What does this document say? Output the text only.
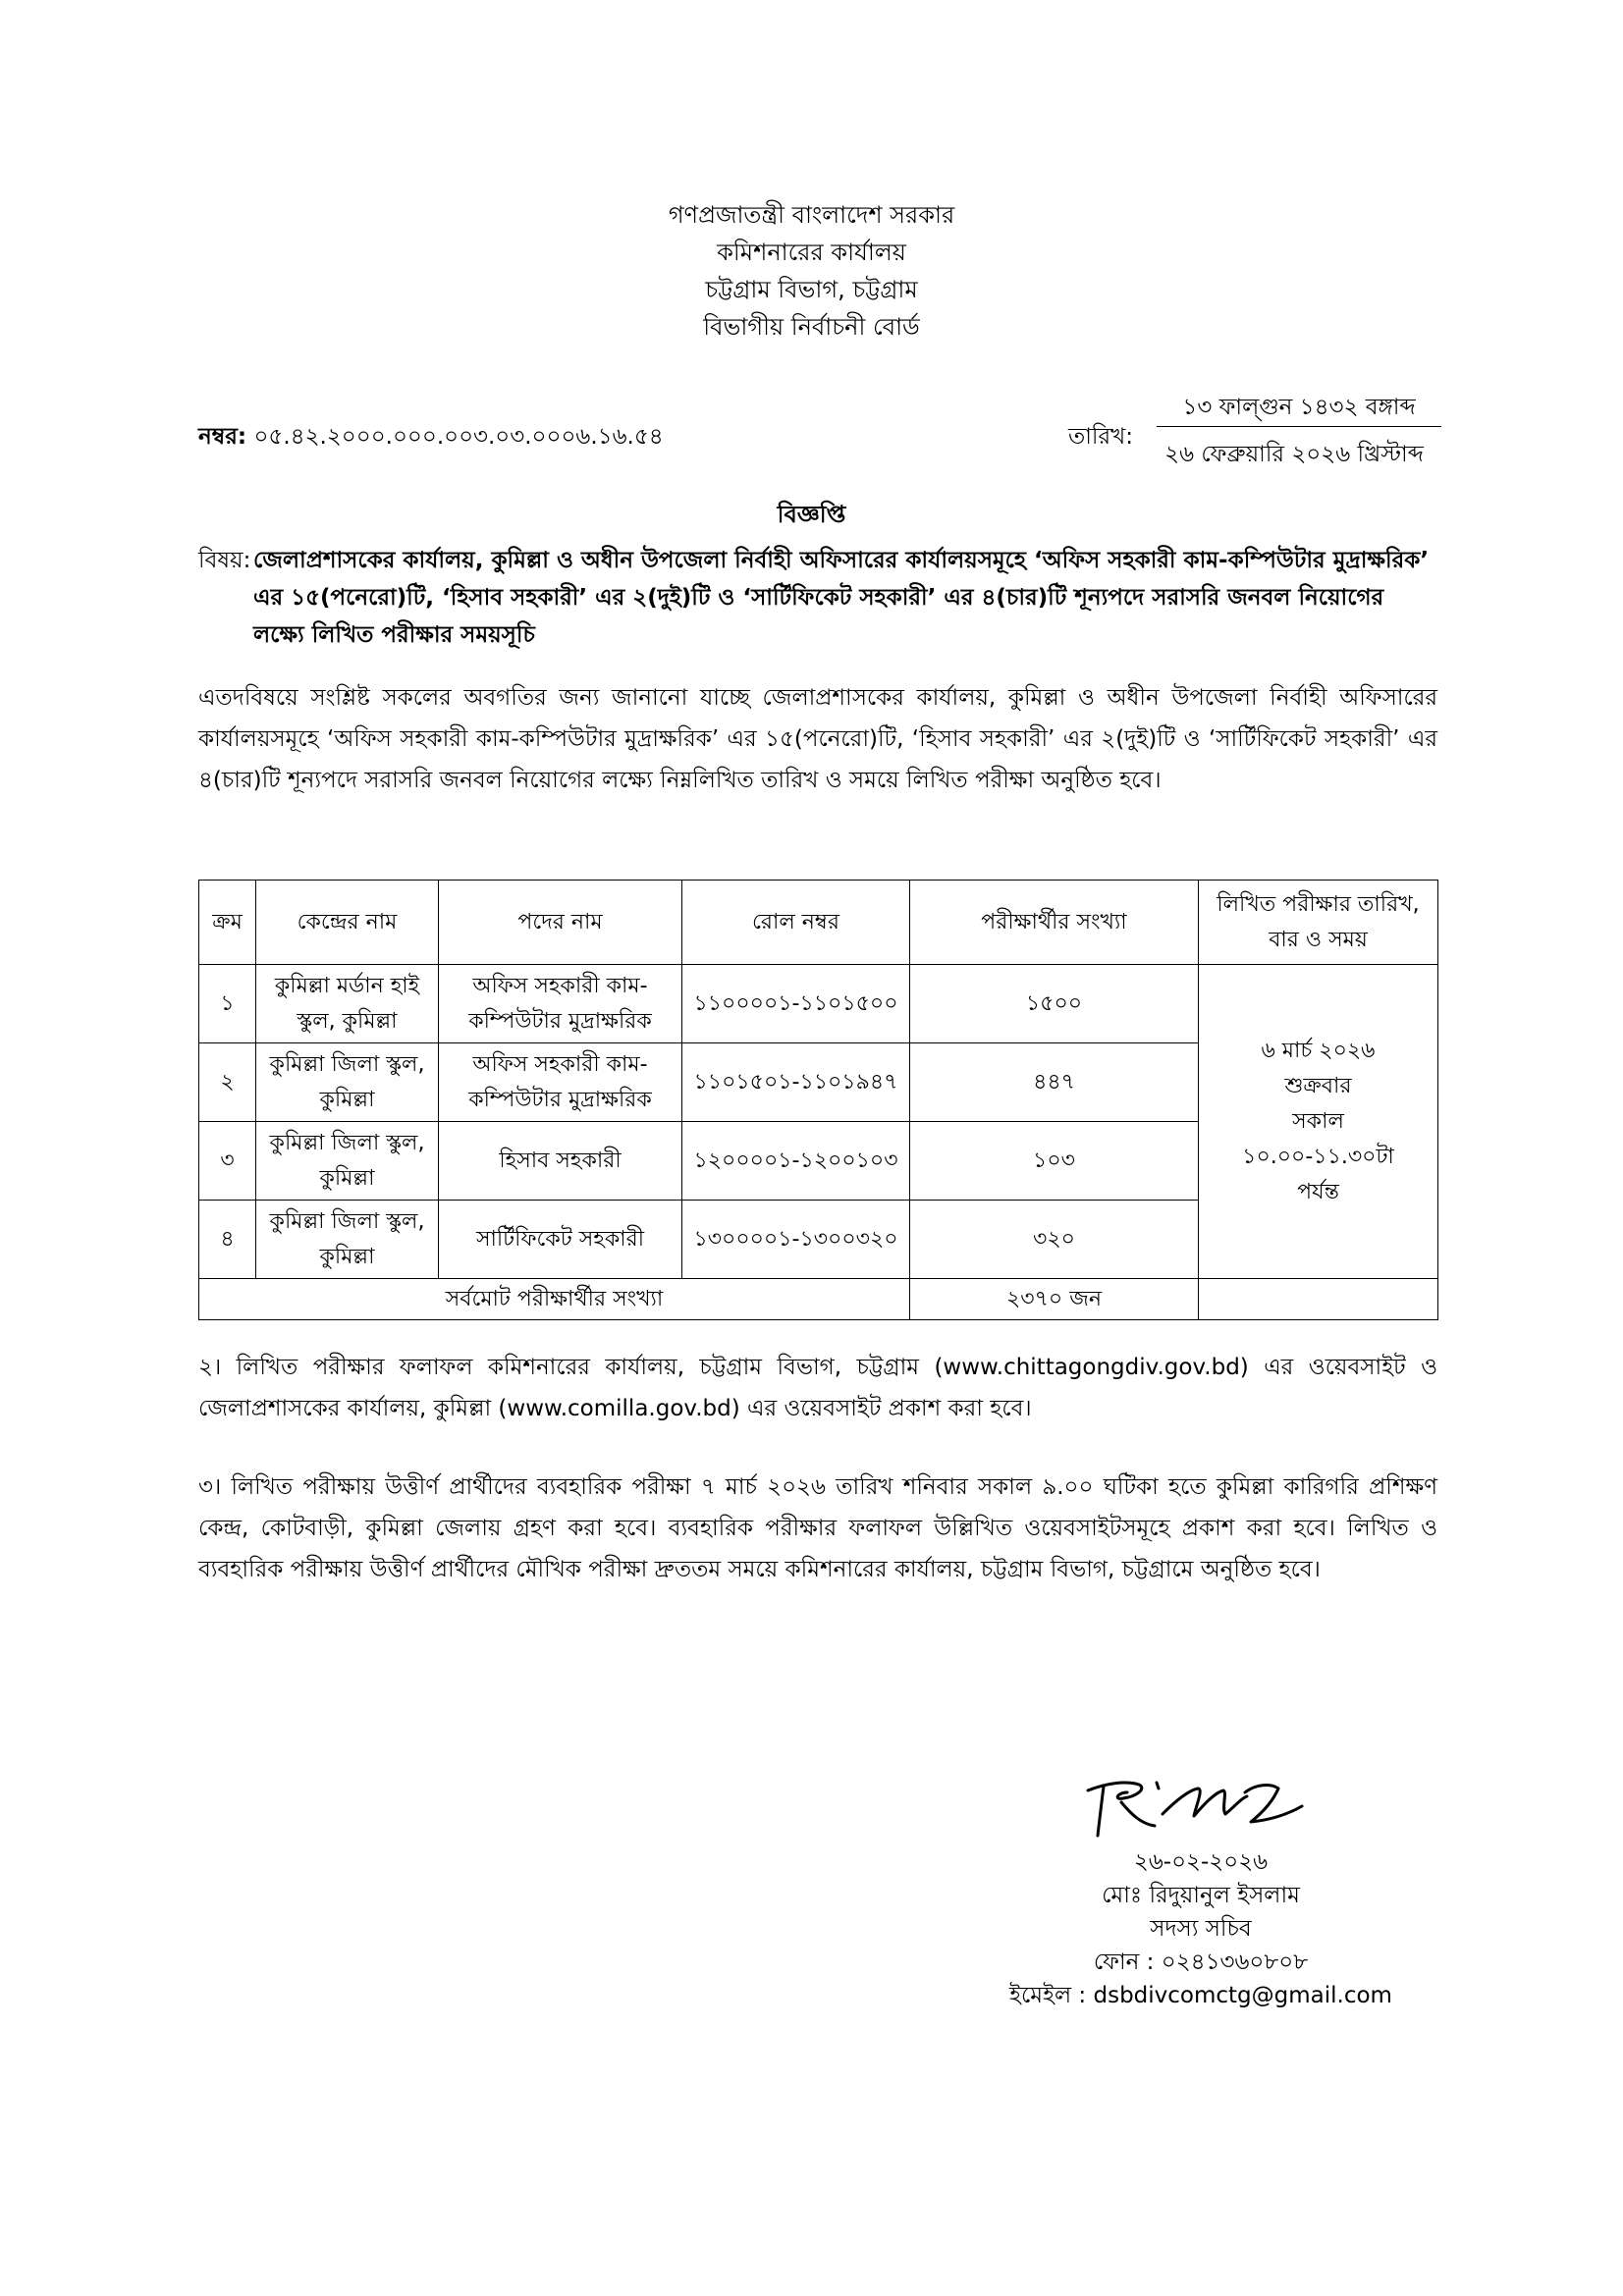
গণপ্রজাতন্ত্রী বাংলাদেশ সরকার
কমিশনারের কার্যালয়
চট্টগ্রাম বিভাগ, চট্টগ্রাম
বিভাগীয় নির্বাচনী বোর্ড
নম্বর: ০৫.৪২.২০০০.০০০.০০৩.০৩.০০০৬.১৬.৫৪	তারিখ:
১৩ ফাল্গুন ১৪৩২ বঙ্গাব্দ
২৬ ফেব্রুয়ারি ২০২৬ খ্রিস্টাব্দ
বিজ্ঞপ্তি
বিষয়: জেলাপ্রশাসকের কার্যালয়, কুমিল্লা ও অধীন উপজেলা নির্বাহী অফিসারের কার্যালয়সমূহে ‘অফিস সহকারী কাম-কম্পিউটার মুদ্রাক্ষরিক’ এর ১৫(পনেরো)টি, ‘হিসাব সহকারী’ এর ২(দুই)টি ও ‘সার্টিফিকেট সহকারী’ এর ৪(চার)টি শূন্যপদে সরাসরি জনবল নিয়োগের লক্ষ্যে লিখিত পরীক্ষার সময়সূচি
এতদবিষয়ে সংশ্লিষ্ট সকলের অবগতির জন্য জানানো যাচ্ছে জেলাপ্রশাসকের কার্যালয়, কুমিল্লা ও অধীন উপজেলা নির্বাহী অফিসারের কার্যালয়সমূহে ‘অফিস সহকারী কাম-কম্পিউটার মুদ্রাক্ষরিক’ এর ১৫(পনেরো)টি, ‘হিসাব সহকারী’ এর ২(দুই)টি ও ‘সার্টিফিকেট সহকারী’ এর ৪(চার)টি শূন্যপদে সরাসরি জনবল নিয়োগের লক্ষ্যে নিম্নলিখিত তারিখ ও সময়ে লিখিত পরীক্ষা অনুষ্ঠিত হবে।
ক্রম	কেন্দ্রের নাম	পদের নাম	রোল নম্বর	পরীক্ষার্থীর সংখ্যা	লিখিত পরীক্ষার তারিখ, বার ও সময়
১	কুমিল্লা মর্ডান হাই স্কুল, কুমিল্লা	অফিস সহকারী কাম-কম্পিউটার মুদ্রাক্ষরিক	১১০০০০১-১১০১৫০০	১৫০০	৬ মার্চ ২০২৬
শুক্রবার
সকাল
১০.০০-১১.৩০টা
পর্যন্ত

২	কুমিল্লা জিলা স্কুল, কুমিল্লা	অফিস সহকারী কাম-কম্পিউটার মুদ্রাক্ষরিক	১১০১৫০১-১১০১৯৪৭	৪৪৭	
৩	কুমিল্লা জিলা স্কুল, কুমিল্লা	হিসাব সহকারী	১২০০০০১-১২০০১০৩	১০৩	
৪	কুমিল্লা জিলা স্কুল, কুমিল্লা	সার্টিফিকেট সহকারী	১৩০০০০১-১৩০০৩২০	৩২০	
সর্বমোট পরীক্ষার্থীর সংখ্যা				২৩৭০ জন	
২। লিখিত পরীক্ষার ফলাফল কমিশনারের কার্যালয়, চট্টগ্রাম বিভাগ, চট্টগ্রাম (www.chittagongdiv.gov.bd) এর ওয়েবসাইট ও জেলাপ্রশাসকের কার্যালয়, কুমিল্লা (www.comilla.gov.bd) এর ওয়েবসাইট প্রকাশ করা হবে।
৩। লিখিত পরীক্ষায় উত্তীর্ণ প্রার্থীদের ব্যবহারিক পরীক্ষা ৭ মার্চ ২০২৬ তারিখ শনিবার সকাল ৯.০০ ঘটিকা হতে কুমিল্লা কারিগরি প্রশিক্ষণ কেন্দ্র, কোটবাড়ী, কুমিল্লা জেলায় গ্রহণ করা হবে। ব্যবহারিক পরীক্ষার ফলাফল উল্লিখিত ওয়েবসাইটসমূহে প্রকাশ করা হবে। লিখিত ও ব্যবহারিক পরীক্ষায় উত্তীর্ণ প্রার্থীদের মৌখিক পরীক্ষা দ্রুততম সময়ে কমিশনারের কার্যালয়, চট্টগ্রাম বিভাগ, চট্টগ্রামে অনুষ্ঠিত হবে।
২৬-০২-২০২৬
মোঃ রিদুয়ানুল ইসলাম
সদস্য সচিব
ফোন : ০২৪১৩৬০৮০৮
ইমেইল : dsbdivcomctg@gmail.com
